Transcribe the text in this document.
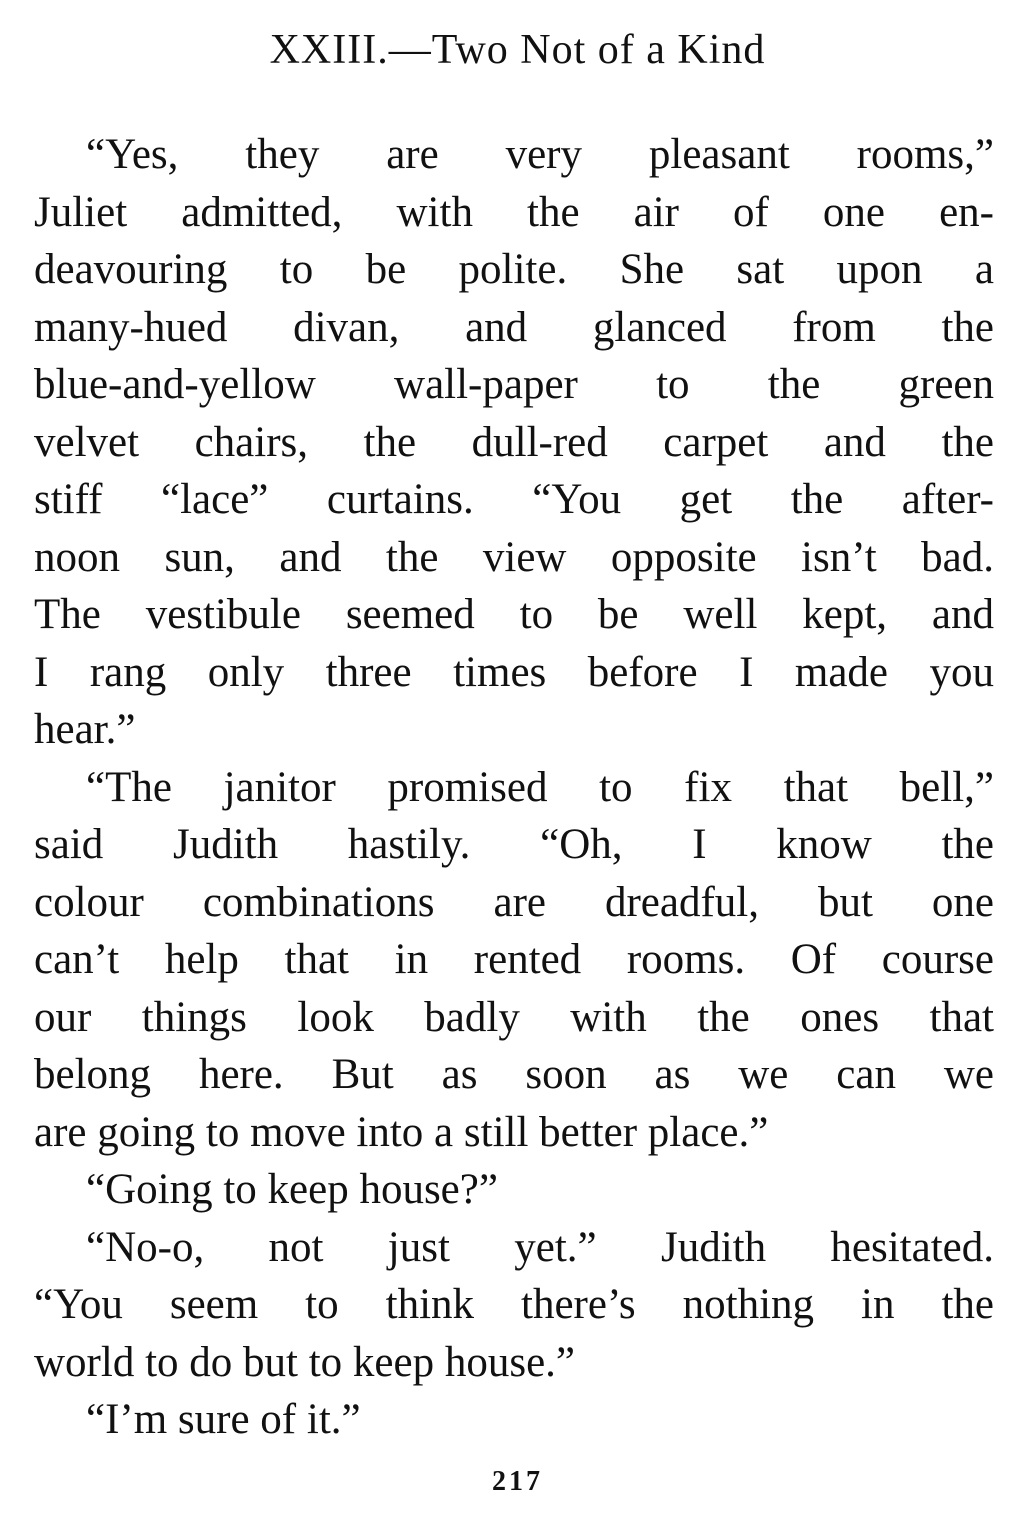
XXIII.—Two Not of a Kind
“Yes, they are very pleasant rooms,”
Juliet admitted, with the air of one en-
deavouring to be polite. She sat upon a
many-hued divan, and glanced from the
blue-and-yellow wall-paper to the green
velvet chairs, the dull-red carpet and the
stiff “lace” curtains. “You get the after-
noon sun, and the view opposite isn’t bad.
The vestibule seemed to be well kept, and
I rang only three times before I made you
hear.”
“The janitor promised to fix that bell,”
said Judith hastily. “Oh, I know the
colour combinations are dreadful, but one
can’t help that in rented rooms. Of course
our things look badly with the ones that
belong here. But as soon as we can we
are going to move into a still better place.”
“Going to keep house?”
“No-o, not just yet.” Judith hesitated.
“You seem to think there’s nothing in the
world to do but to keep house.”
“I’m sure of it.”
217
